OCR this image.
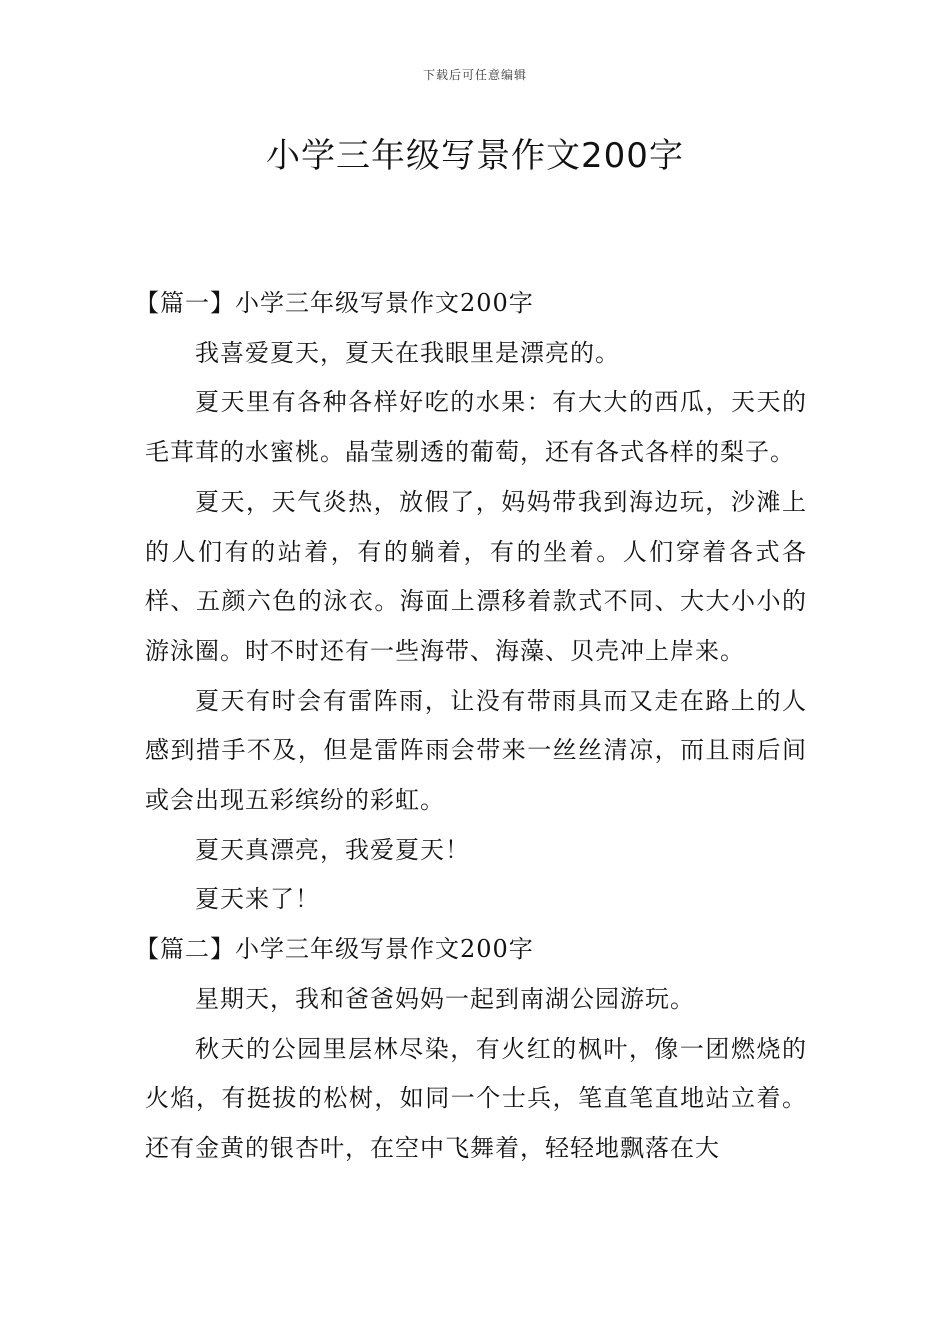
下载后可任意编辑
小学三年级写景作文200字

【篇一】小学三年级写景作文200字

我喜爱夏天，夏天在我眼里是漂亮的。

夏天里有各种各样好吃的水果：有大大的西瓜，天天的毛茸茸的水蜜桃。晶莹剔透的葡萄，还有各式各样的梨子。

夏天，天气炎热，放假了，妈妈带我到海边玩，沙滩上的人们有的站着，有的躺着，有的坐着。人们穿着各式各样、五颜六色的泳衣。海面上漂移着款式不同、大大小小的游泳圈。时不时还有一些海带、海藻、贝壳冲上岸来。

夏天有时会有雷阵雨，让没有带雨具而又走在路上的人感到措手不及，但是雷阵雨会带来一丝丝清凉，而且雨后间或会出现五彩缤纷的彩虹。

夏天真漂亮，我爱夏天！

夏天来了！

【篇二】小学三年级写景作文200字

星期天，我和爸爸妈妈一起到南湖公园游玩。

秋天的公园里层林尽染，有火红的枫叶，像一团燃烧的火焰，有挺拔的松树，如同一个士兵，笔直笔直地站立着。还有金黄的银杏叶，在空中飞舞着，轻轻地飘落在大
